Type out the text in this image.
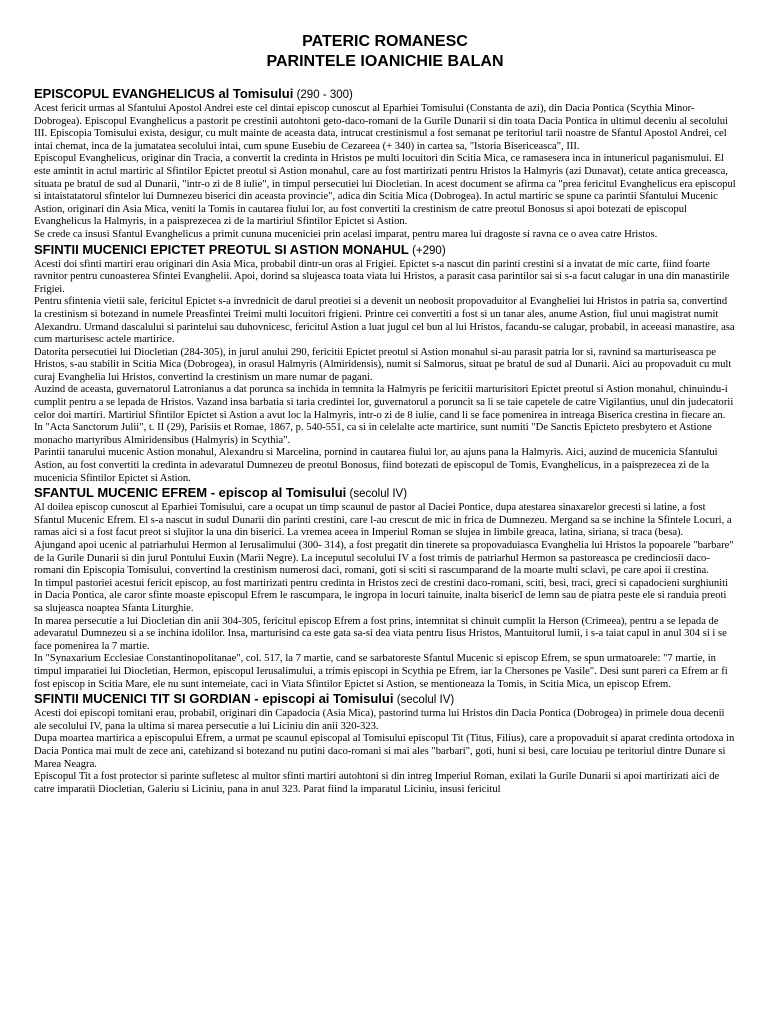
PATERIC ROMANESC
PARINTELE IOANICHIE BALAN
EPISCOPUL EVANGHELICUS al Tomisului (290 - 300)

Acest fericit urmas al Sfantului Apostol Andrei este cel dintai episcop cunoscut al Eparhiei Tomisului (Constanta de azi), din Dacia Pontica (Scythia Minor-Dobrogea). Episcopul Evanghelicus a pastorit pe crestinii autohtoni geto-daco-romani de la Gurile Dunarii si din toata Dacia Pontica in ultimul deceniu al secolului III. Episcopia Tomisului exista, desigur, cu mult mainte de aceasta data, intrucat crestinismul a fost semanat pe teritoriul tarii noastre de Sfantul Apostol Andrei, cel intai chemat, inca de la jumatatea secolului intai, cum spune Eusebiu de Cezareea (+ 340) in cartea sa, "Istoria Bisericeasca", III.

Episcopul Evanghelicus, originar din Tracia, a convertit la credinta in Hristos pe multi locuitori din Scitia Mica, ce ramasesera inca in intunericul paganismului. El este amintit in actul martiric al Sfintilor Epictet preotul si Astion monahul, care au fost martirizati pentru Hristos la Halmyris (azi Dunavat), cetate antica greceasca, situata pe bratul de sud al Dunarii, "intr-o zi de 8 iulie", in timpul persecutiei lui Diocletian. In acest document se afirma ca "prea fericitul Evanghelicus era episcopul si intaistatatorul sfintelor lui Dumnezeu biserici din aceasta provincie", adica din Scitia Mica (Dobrogea). In actul martiric se spune ca parintii Sfantului Mucenic Astion, originari din Asia Mica, veniti la Tomis in cautarea fiului lor, au fost convertiti la crestinism de catre preotul Bonosus si apoi botezati de episcopul Evanghelicus la Halmyris, in a paisprezecea zi de la martiriul Sfintilor Epictet si Astion.

Se crede ca insusi Sfantul Evanghelicus a primit cununa muceniciei prin acelasi imparat, pentru marea lui dragoste si ravna ce o avea catre Hristos.

SFINTII MUCENICI EPICTET PREOTUL SI ASTION MONAHUL (+290)

Acesti doi sfinti martiri erau originari din Asia Mica, probabil dintr-un oras al Frigiei. Epictet s-a nascut din parinti crestini si a invatat de mic carte, fiind foarte ravnitor pentru cunoasterea Sfintei Evanghelii. Apoi, dorind sa slujeasca toata viata lui Hristos, a parasit casa parintilor sai si s-a facut calugar in una din manastirile Frigiei.

Pentru sfintenia vietii sale, fericitul Epictet s-a invrednicit de darul preotiei si a devenit un neobosit propovaduitor al Evangheliei lui Hristos in patria sa, convertind la crestinism si botezand in numele Preasfintei Treimi multi locuitori frigieni. Printre cei convertiti a fost si un tanar ales, anume Astion, fiul unui magistrat numit Alexandru. Urmand dascalului si parintelui sau duhovnicesc, fericitul Astion a luat jugul cel bun al lui Hristos, facandu-se calugar, probabil, in aceeasi manastire, asa cum marturisesc actele martirice.

Datorita persecutiei lui Diocletian (284-305), in jurul anului 290, fericitii Epictet preotul si Astion monahul si-au parasit patria lor si, ravnind sa marturiseasca pe Hristos, s-au stabilit in Scitia Mica (Dobrogea), in orasul Halmyris (Almiridensis), numit si Salmorus, situat pe bratul de sud al Dunarii. Aici au propovaduit cu mult curaj Evanghelia lui Hristos, convertind la crestinism un mare numar de pagani.

Auzind de aceasta, guvernatorul Latronianus a dat porunca sa inchida in temnita la Halmyris pe fericitii marturisitori Epictet preotul si Astion monahul, chinuindu-i cumplit pentru a se lepada de Hristos. Vazand insa barbatia si taria credintei lor, guvernatorul a poruncit sa li se taie capetele de catre Vigilantius, unul din judecatorii celor doi martiri. Martiriul Sfintilor Epictet si Astion a avut loc la Halmyris, intr-o zi de 8 iulie, cand li se face pomenirea in intreaga Biserica crestina in fiecare an. In "Acta Sanctorum Julii", t. II (29), Parisiis et Romae, 1867, p. 540-551, ca si in celelalte acte martirice, sunt numiti "De Sanctis Epicteto presbytero et Astione monacho martyribus Almiridensibus (Halmyris) in Scythia".

Parintii tanarului mucenic Astion monahul, Alexandru si Marcelina, pornind in cautarea fiului lor, au ajuns pana la Halmyris. Aici, auzind de mucenicia Sfantului Astion, au fost convertiti la credinta in adevaratul Dumnezeu de preotul Bonosus, fiind botezati de episcopul de Tomis, Evanghelicus, in a paisprezecea zi de la mucenicia Sfintilor Epictet si Astion.

SFANTUL MUCENIC EFREM - episcop al Tomisului (secolul IV)

Al doilea episcop cunoscut al Eparhiei Tomisului, care a ocupat un timp scaunul de pastor al Daciei Pontice, dupa atestarea sinaxarelor grecesti si latine, a fost Sfantul Mucenic Efrem. El s-a nascut in sudul Dunarii din parinti crestini, care l-au crescut de mic in frica de Dumnezeu. Mergand sa se inchine la Sfintele Locuri, a ramas aici si a fost facut preot si slujitor la una din biserici. La vremea aceea in Imperiul Roman se slujea in limbile greaca, latina, siriana, si traca (besa).

Ajungand apoi ucenic al patriarhului Hermon al Ierusalimului (300- 314), a fost pregatit din tinerete sa propovaduiasca Evanghelia lui Hristos la popoarele "barbare" de la Gurile Dunarii si din jurul Pontului Euxin (Marii Negre). La inceputul secolului IV a fost trimis de patriarhul Hermon sa pastoreasca pe credinciosii daco-romani din Episcopia Tomisului, convertind la crestinism numerosi daci, romani, goti si sciti si rascumparand de la moarte multi sclavi, pe care apoi ii crestina.

In timpul pastoriei acestui fericit episcop, au fost martirizati pentru credinta in Hristos zeci de crestini daco-romani, sciti, besi, traci, greci si capadocieni surghiuniti in Dacia Pontica, ale caror sfinte moaste episcopul Efrem le rascumpara, le ingropa in locuri tainuite, inalta bisericI de lemn sau de piatra peste ele si randuia preoti sa slujeasca noaptea Sfanta Liturghie.

In marea persecutie a lui Diocletian din anii 304-305, fericitul episcop Efrem a fost prins, intemnitat si chinuit cumplit la Herson (Crimeea), pentru a se lepada de adevaratul Dumnezeu si a se inchina idolilor. Insa, marturisind ca este gata sa-si dea viata pentru Iisus Hristos, Mantuitorul lumii, i s-a taiat capul in anul 304 si i se face pomenirea la 7 martie.

In "Synaxarium Ecclesiae Constantinopolitanae", col. 517, la 7 martie, cand se sarbatoreste Sfantul Mucenic si episcop Efrem, se spun urmatoarele: "7 martie, in timpul imparatiei lui Diocletian, Hermon, episcopul Ierusalimului, a trimis episcopi in Scythia pe Efrem, iar la Chersones pe Vasile". Desi sunt pareri ca Efrem ar fi fost episcop in Scitia Mare, ele nu sunt intemeiate, caci in Viata Sfintilor Epictet si Astion, se mentioneaza la Tomis, in Scitia Mica, un episcop Efrem.

SFINTII MUCENICI TIT SI GORDIAN - episcopi ai Tomisului (secolul IV)

Acesti doi episcopi tomitani erau, probabil, originari din Capadocia (Asia Mica), pastorind turma lui Hristos din Dacia Pontica (Dobrogea) in primele doua decenii ale secolului IV, pana la ultima si marea persecutie a lui Liciniu din anii 320-323.

Dupa moartea martirica a episcopului Efrem, a urmat pe scaunul episcopal al Tomisului episcopul Tit (Titus, Filius), care a propovaduit si aparat credinta ortodoxa in Dacia Pontica mai mult de zece ani, catehizand si botezand nu putini daco-romani si mai ales "barbari", goti, huni si besi, care locuiau pe teritoriul dintre Dunare si Marea Neagra.

Episcopul Tit a fost protector si parinte sufletesc al multor sfinti martiri autohtoni si din intreg Imperiul Roman, exilati la Gurile Dunarii si apoi martirizati aici de catre imparatii Diocletian, Galeriu si Liciniu, pana in anul 323. Parat fiind la imparatul Liciniu, insusi fericitul
